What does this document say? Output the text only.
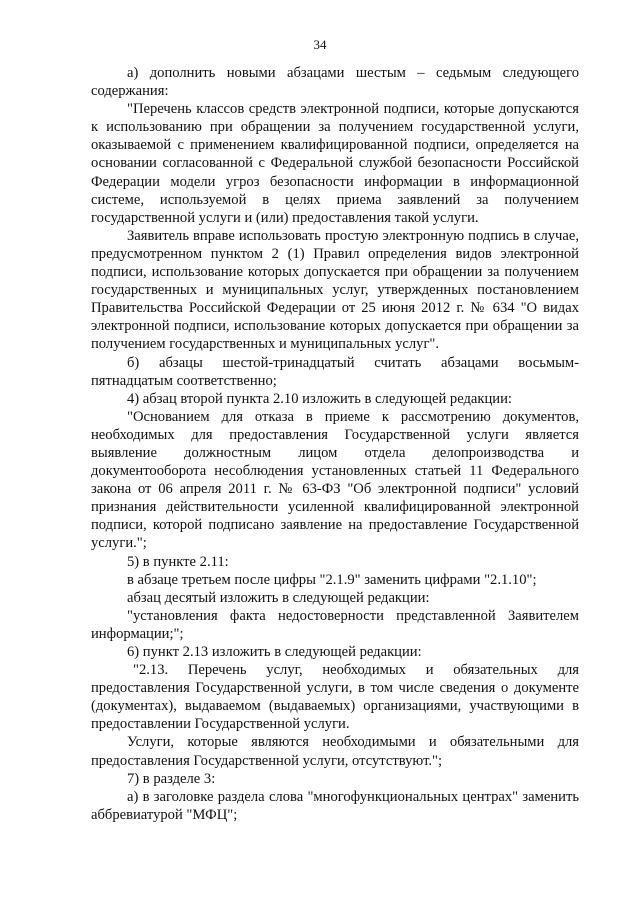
34

а) дополнить новыми абзацами шестым – седьмым следующего содержания:

"Перечень классов средств электронной подписи, которые допускаются к использованию при обращении за получением государственной услуги, оказываемой с применением квалифицированной подписи, определяется на основании согласованной с Федеральной службой безопасности Российской Федерации модели угроз безопасности информации в информационной системе, используемой в целях приема заявлений за получением государственной услуги и (или) предоставления такой услуги.

Заявитель вправе использовать простую электронную подпись в случае, предусмотренном пунктом 2 (1) Правил определения видов электронной подписи, использование которых допускается при обращении за получением государственных и муниципальных услуг, утвержденных постановлением Правительства Российской Федерации от 25 июня 2012 г. № 634 "О видах электронной подписи, использование которых допускается при обращении за получением государственных и муниципальных услуг".

б) абзацы шестой-тринадцатый считать абзацами восьмым-пятнадцатым соответственно;

4) абзац второй пункта 2.10 изложить в следующей редакции:

"Основанием для отказа в приеме к рассмотрению документов, необходимых для предоставления Государственной услуги является выявление должностным лицом отдела делопроизводства и документооборота несоблюдения установленных статьей 11 Федерального закона от 06 апреля 2011 г. № 63-ФЗ "Об электронной подписи" условий признания действительности усиленной квалифицированной электронной подписи, которой подписано заявление на предоставление Государственной услуги.";

5) в пункте 2.11:

в абзаце третьем после цифры "2.1.9" заменить цифрами "2.1.10";

абзац десятый изложить в следующей редакции:

"установления факта недостоверности представленной Заявителем информации;";

6) пункт 2.13 изложить в следующей редакции:

"2.13. Перечень услуг, необходимых и обязательных для предоставления Государственной услуги, в том числе сведения о документе (документах), выдаваемом (выдаваемых) организациями, участвующими в предоставлении Государственной услуги.

Услуги, которые являются необходимыми и обязательными для предоставления Государственной услуги, отсутствуют.";

7) в разделе 3:

а) в заголовке раздела слова "многофункциональных центрах" заменить аббревиатурой "МФЦ";
